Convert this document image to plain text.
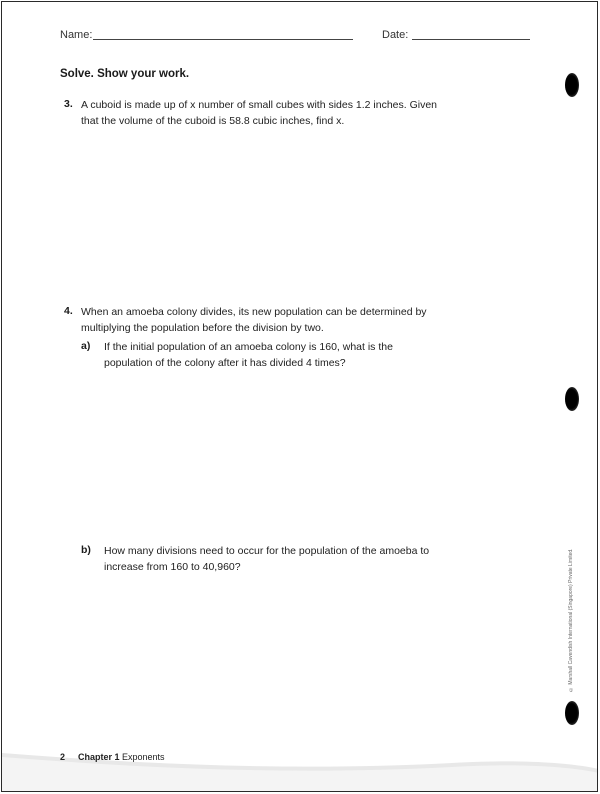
Name:	Date:
Solve. Show your work.
3. A cuboid is made up of x number of small cubes with sides 1.2 inches. Given
that the volume of the cuboid is 58.8 cubic inches, find x.
4. When an amoeba colony divides, its new population can be determined by
multiplying the population before the division by two.
a) If the initial population of an amoeba colony is 160, what is the
population of the colony after it has divided 4 times?
b) How many divisions need to occur for the population of the amoeba to
increase from 160 to 40,960?	© Marshall Cavendish International (Singapore) Private Limited.
2 Chapter 1 Exponents
